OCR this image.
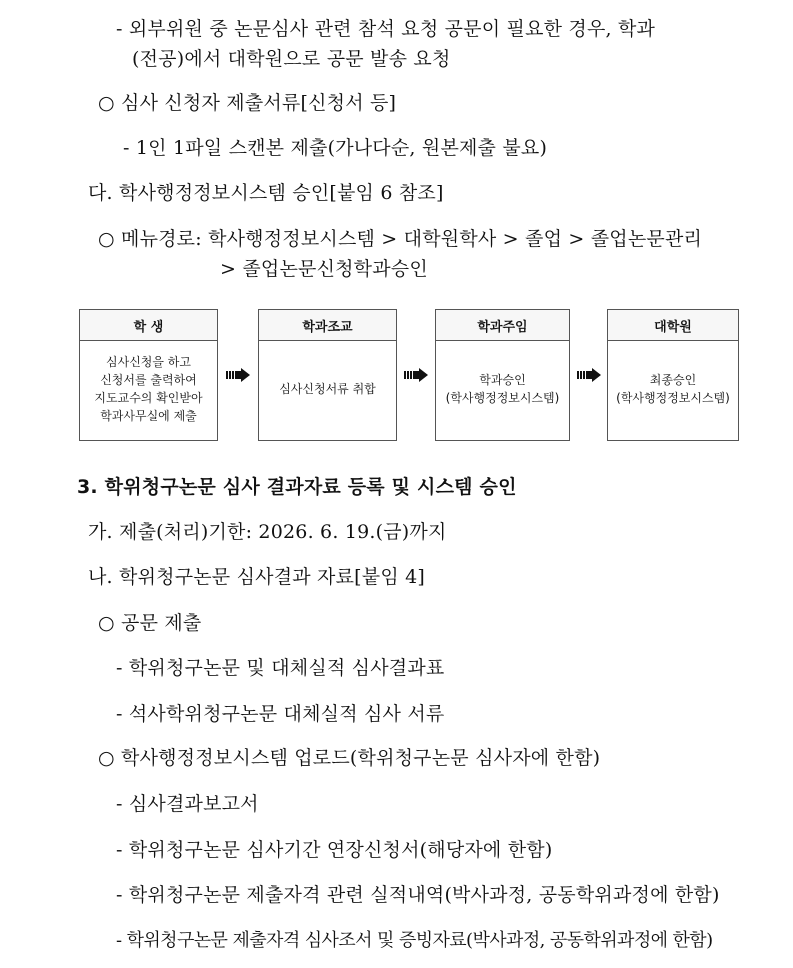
- 외부위원 중 논문심사 관련 참석 요청 공문이 필요한 경우, 학과
(전공)에서 대학원으로 공문 발송 요청
○ 심사 신청자 제출서류[신청서 등]
- 1인 1파일 스캔본 제출(가나다순, 원본제출 불요)
다. 학사행정정보시스템 승인[붙임 6 참조]
○ 메뉴경로: 학사행정정보시스템 > 대학원학사 > 졸업 > 졸업논문관리
> 졸업논문신청학과승인
학 생
심사신청을 하고
신청서를 출력하여
지도교수의 확인받아
학과사무실에 제출
학과조교
심사신청서류 취합
학과주임
학과승인
(학사행정정보시스템)
대학원
최종승인
(학사행정정보시스템)
3. 학위청구논문 심사 결과자료 등록 및 시스템 승인
가. 제출(처리)기한: 2026. 6. 19.(금)까지
나. 학위청구논문 심사결과 자료[붙임 4]
○ 공문 제출
- 학위청구논문 및 대체실적 심사결과표
- 석사학위청구논문 대체실적 심사 서류
○ 학사행정정보시스템 업로드(학위청구논문 심사자에 한함)
- 심사결과보고서
- 학위청구논문 심사기간 연장신청서(해당자에 한함)
- 학위청구논문 제출자격 관련 실적내역(박사과정, 공동학위과정에 한함)
- 학위청구논문 제출자격 심사조서 및 증빙자료(박사과정, 공동학위과정에 한함)
